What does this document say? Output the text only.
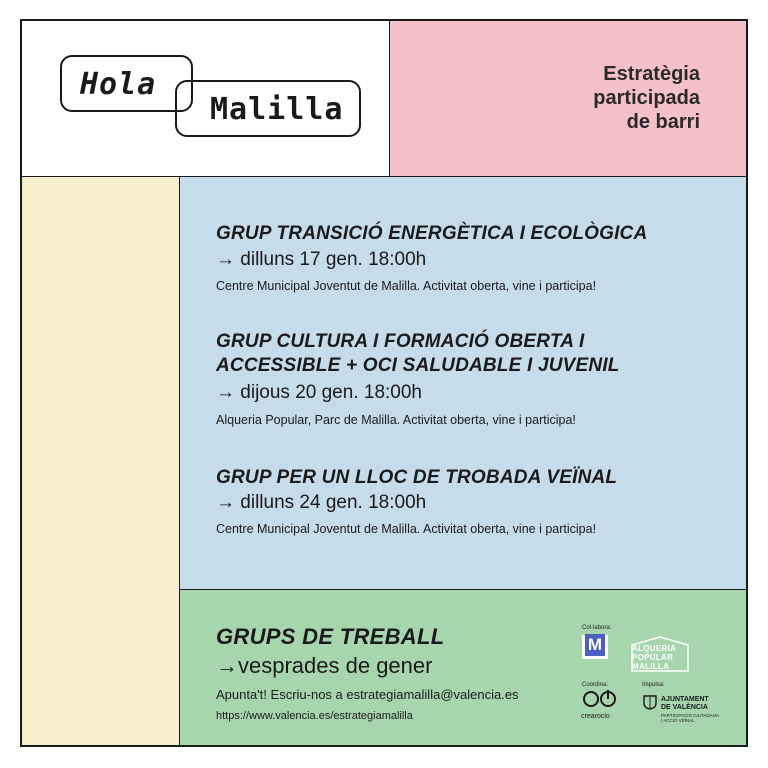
Hola
Malilla
Estratègia
participada
de barri
GRUP TRANSICIÓ ENERGÈTICA I ECOLÒGICA
→ dilluns 17 gen. 18:00h
Centre Municipal Joventut de Malilla. Activitat oberta, vine i participa!
GRUP CULTURA I FORMACIÓ OBERTA I
ACCESSIBLE + OCI SALUDABLE I JUVENIL
→ dijous 20 gen. 18:00h
Alqueria Popular, Parc de Malilla. Activitat oberta, vine i participa!
GRUP PER UN LLOC DE TROBADA VEÏNAL
→ dilluns 24 gen. 18:00h
Centre Municipal Joventut de Malilla. Activitat oberta, vine i participa!
GRUPS DE TREBALL
→vesprades de gener
Apunta't! Escriu-nos a estrategiamalilla@valencia.es
https://www.valencia.es/estrategiamalilla
Col·labora:
M	ALQUERIA
POPULAR
MALILLA
Coordina:
crearocio
Impulsa:
AJUNTAMENT
DE VALÈNCIA
PARTICIPACIÓ CIUTADANA
I ACCIÓ VEÏNAL
